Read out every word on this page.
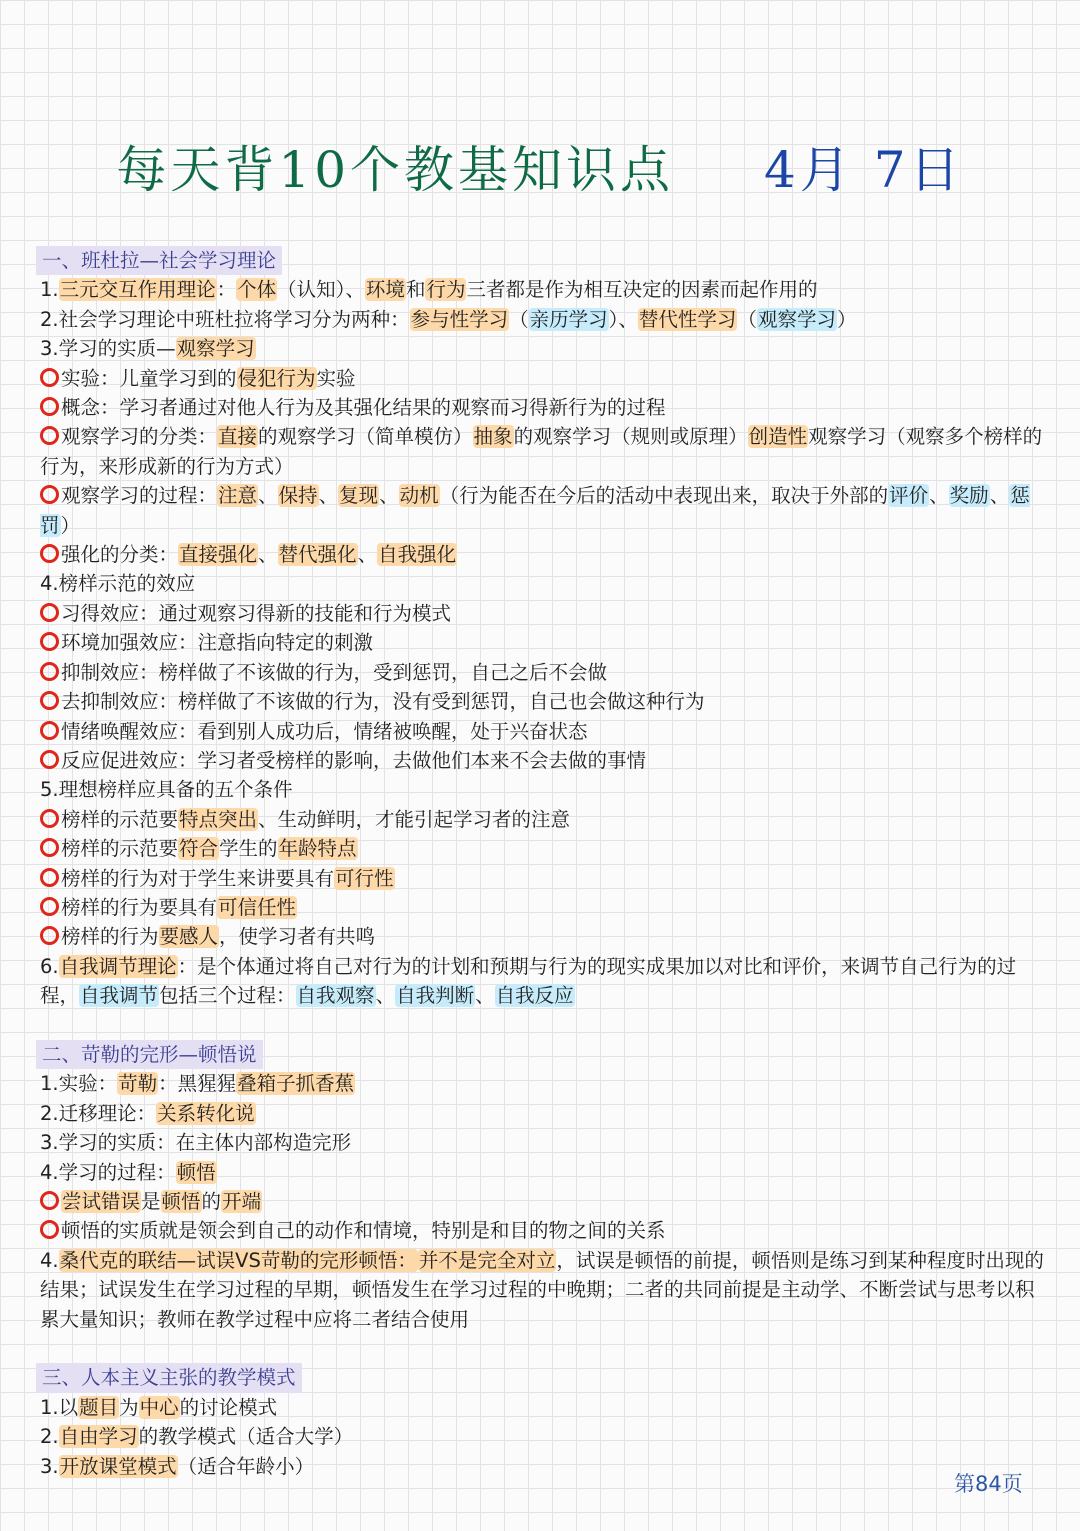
每天背10个教基知识点 4月 7日
一、班杜拉—社会学习理论
1.三元交互作用理论：个体（认知）、环境和行为三者都是作为相互决定的因素而起作用的
2.社会学习理论中班杜拉将学习分为两种：参与性学习（亲历学习）、替代性学习（观察学习）
3.学习的实质—观察学习
实验：儿童学习到的侵犯行为实验
概念：学习者通过对他人行为及其强化结果的观察而习得新行为的过程
观察学习的分类：直接的观察学习（简单模仿）抽象的观察学习（规则或原理）创造性观察学习（观察多个榜样的行为，来形成新的行为方式）
观察学习的过程：注意、保持、复现、动机（行为能否在今后的活动中表现出来，取决于外部的评价、奖励、惩罚）
强化的分类：直接强化、替代强化、自我强化
4.榜样示范的效应
习得效应：通过观察习得新的技能和行为模式
环境加强效应：注意指向特定的刺激
抑制效应：榜样做了不该做的行为，受到惩罚，自己之后不会做
去抑制效应：榜样做了不该做的行为，没有受到惩罚，自己也会做这种行为
情绪唤醒效应：看到别人成功后，情绪被唤醒，处于兴奋状态
反应促进效应：学习者受榜样的影响，去做他们本来不会去做的事情
5.理想榜样应具备的五个条件
榜样的示范要特点突出、生动鲜明，才能引起学习者的注意
榜样的示范要符合学生的年龄特点
榜样的行为对于学生来讲要具有可行性
榜样的行为要具有可信任性
榜样的行为要感人，使学习者有共鸣
6.自我调节理论：是个体通过将自己对行为的计划和预期与行为的现实成果加以对比和评价，来调节自己行为的过程，自我调节包括三个过程：自我观察、自我判断、自我反应
二、苛勒的完形—顿悟说
1.实验：苛勒：黑猩猩叠箱子抓香蕉
2.迁移理论：关系转化说
3.学习的实质：在主体内部构造完形
4.学习的过程：顿悟
尝试错误是顿悟的开端
顿悟的实质就是领会到自己的动作和情境，特别是和目的物之间的关系
4.桑代克的联结—试误VS苛勒的完形顿悟： 并不是完全对立，试误是顿悟的前提，顿悟则是练习到某种程度时出现的结果；试误发生在学习过程的早期，顿悟发生在学习过程的中晚期；二者的共同前提是主动学、不断尝试与思考以积累大量知识；教师在教学过程中应将二者结合使用
三、人本主义主张的教学模式
1.以题目为中心的讨论模式
2.自由学习的教学模式（适合大学）
3.开放课堂模式（适合年龄小）
第84页
